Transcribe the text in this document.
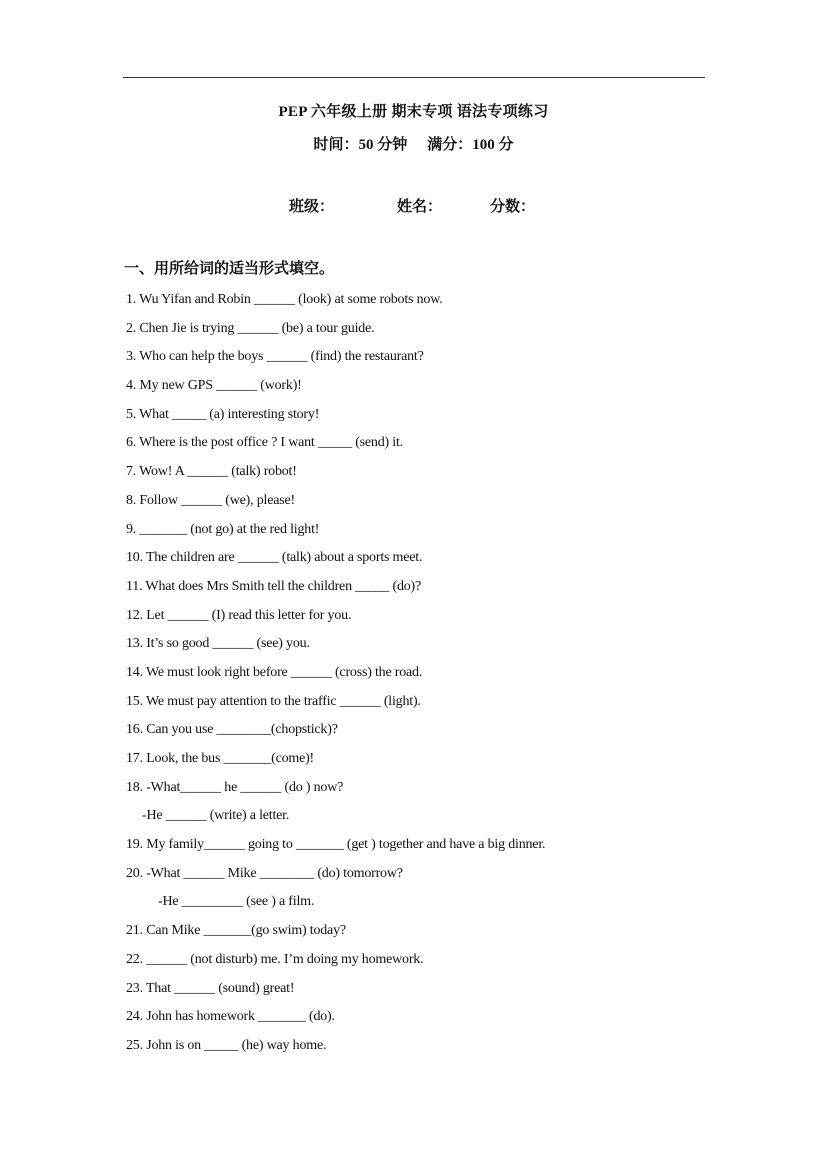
PEP 六年级上册 期末专项 语法专项练习
时间：50 分钟 满分：100 分
班级：	姓名：	分数：
一、用所给词的适当形式填空。
1. Wu Yifan and Robin ______ (look) at some robots now.
2. Chen Jie is trying ______ (be) a tour guide.
3. Who can help the boys ______ (find) the restaurant?
4. My new GPS ______ (work)!
5. What _____ (a) interesting story!
6. Where is the post office ? I want _____ (send) it.
7. Wow! A ______ (talk) robot!
8. Follow ______ (we), please!
9. _______ (not go) at the red light!
10. The children are ______ (talk) about a sports meet.
11. What does Mrs Smith tell the children _____ (do)?
12. Let ______ (I) read this letter for you.
13. It’s so good ______ (see) you.
14. We must look right before ______ (cross) the road.
15. We must pay attention to the traffic ______ (light).
16. Can you use ________(chopstick)?
17. Look, the bus _______(come)!
18. -What______ he ______ (do ) now?
-He ______ (write) a letter.
19. My family______ going to _______ (get ) together and have a big dinner.
20. -What ______ Mike ________ (do) tomorrow?
-He _________ (see ) a film.
21. Can Mike _______(go swim) today?
22. ______ (not disturb) me. I’m doing my homework.
23. That ______ (sound) great!
24. John has homework _______ (do).
25. John is on _____ (he) way home.
